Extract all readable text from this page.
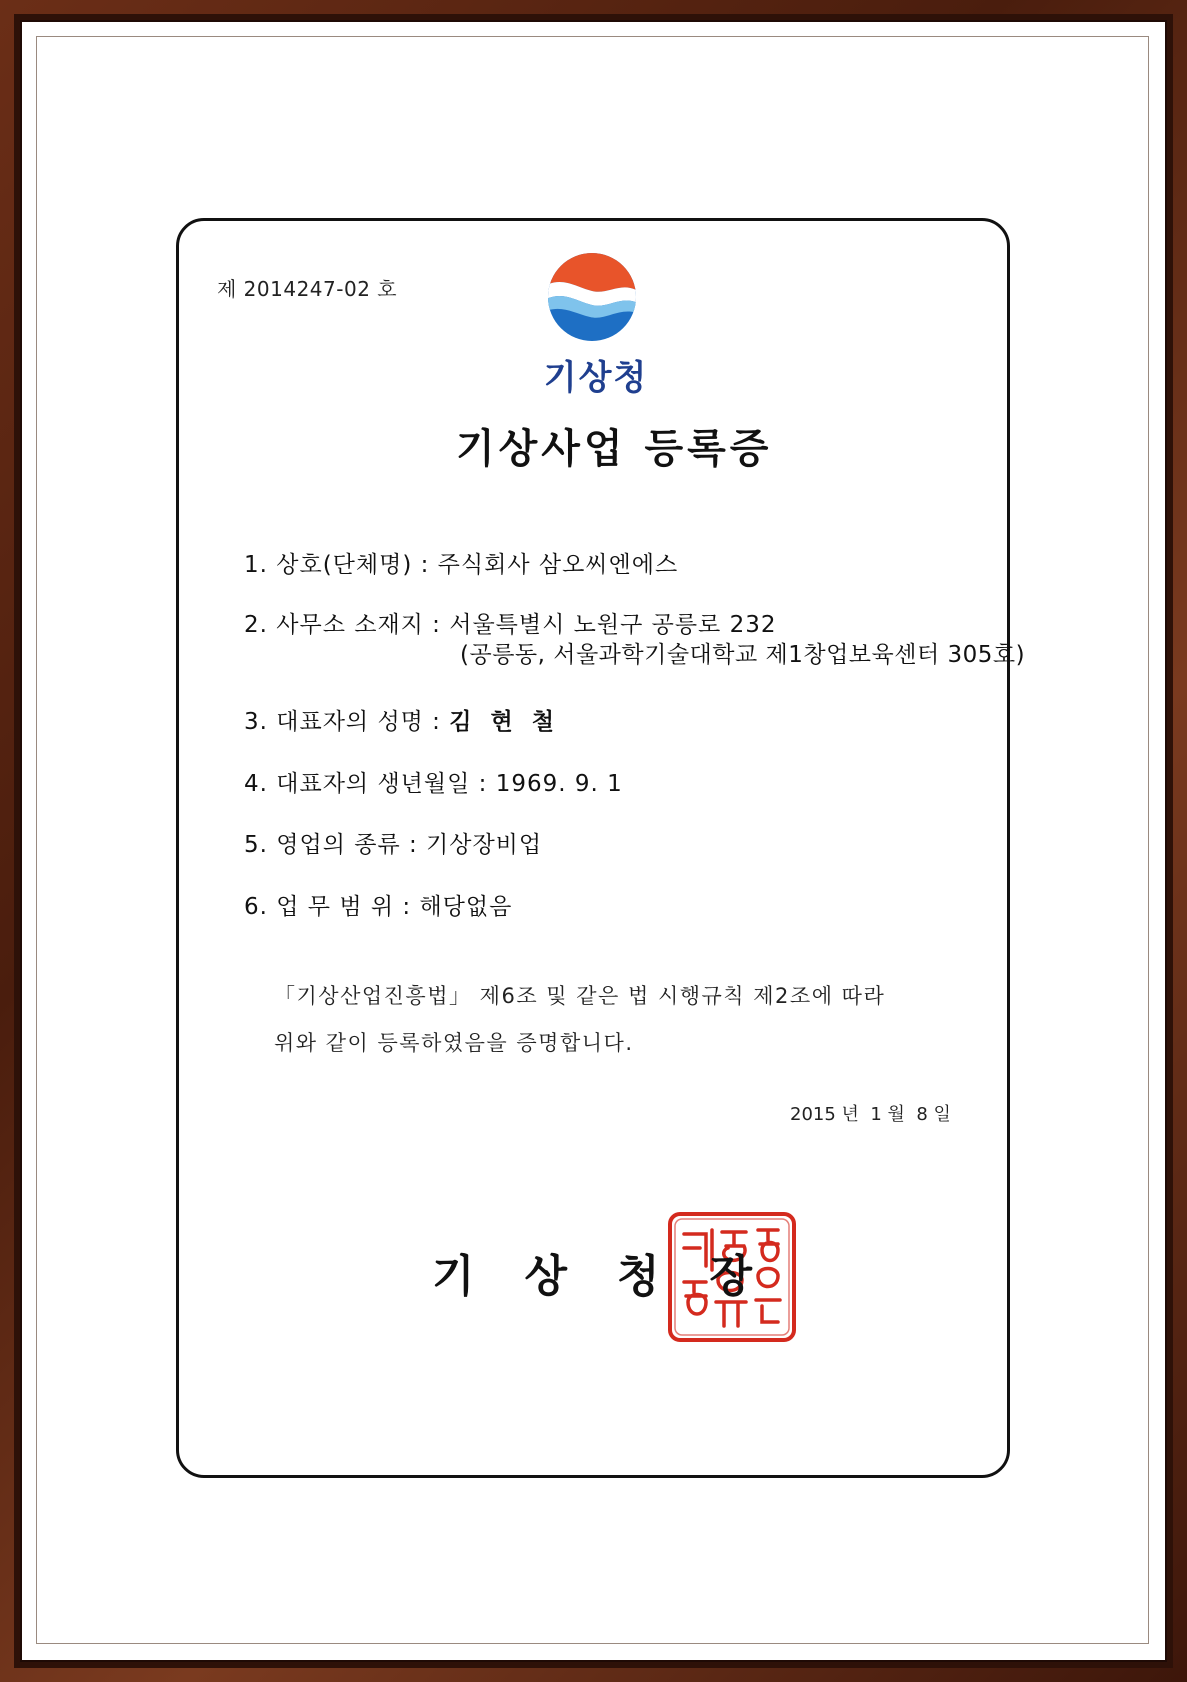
제 2014247-02 호
기상청
기상사업 등록증
1. 상호(단체명) : 주식회사 삼오씨엔에스
2. 사무소 소재지 : 서울특별시 노원구 공릉로 232
(공릉동, 서울과학기술대학교 제1창업보육센터 305호)
3. 대표자의 성명 : 김  현  철
4. 대표자의 생년월일 : 1969. 9. 1
5. 영업의 종류 : 기상장비업
6. 업 무 범 위 : 해당없음
「기상산업진흥법」 제6조 및 같은 법 시행규칙 제2조에 따라
위와 같이 등록하였음을 증명합니다.
2015 년  1 월  8 일
기상청장
